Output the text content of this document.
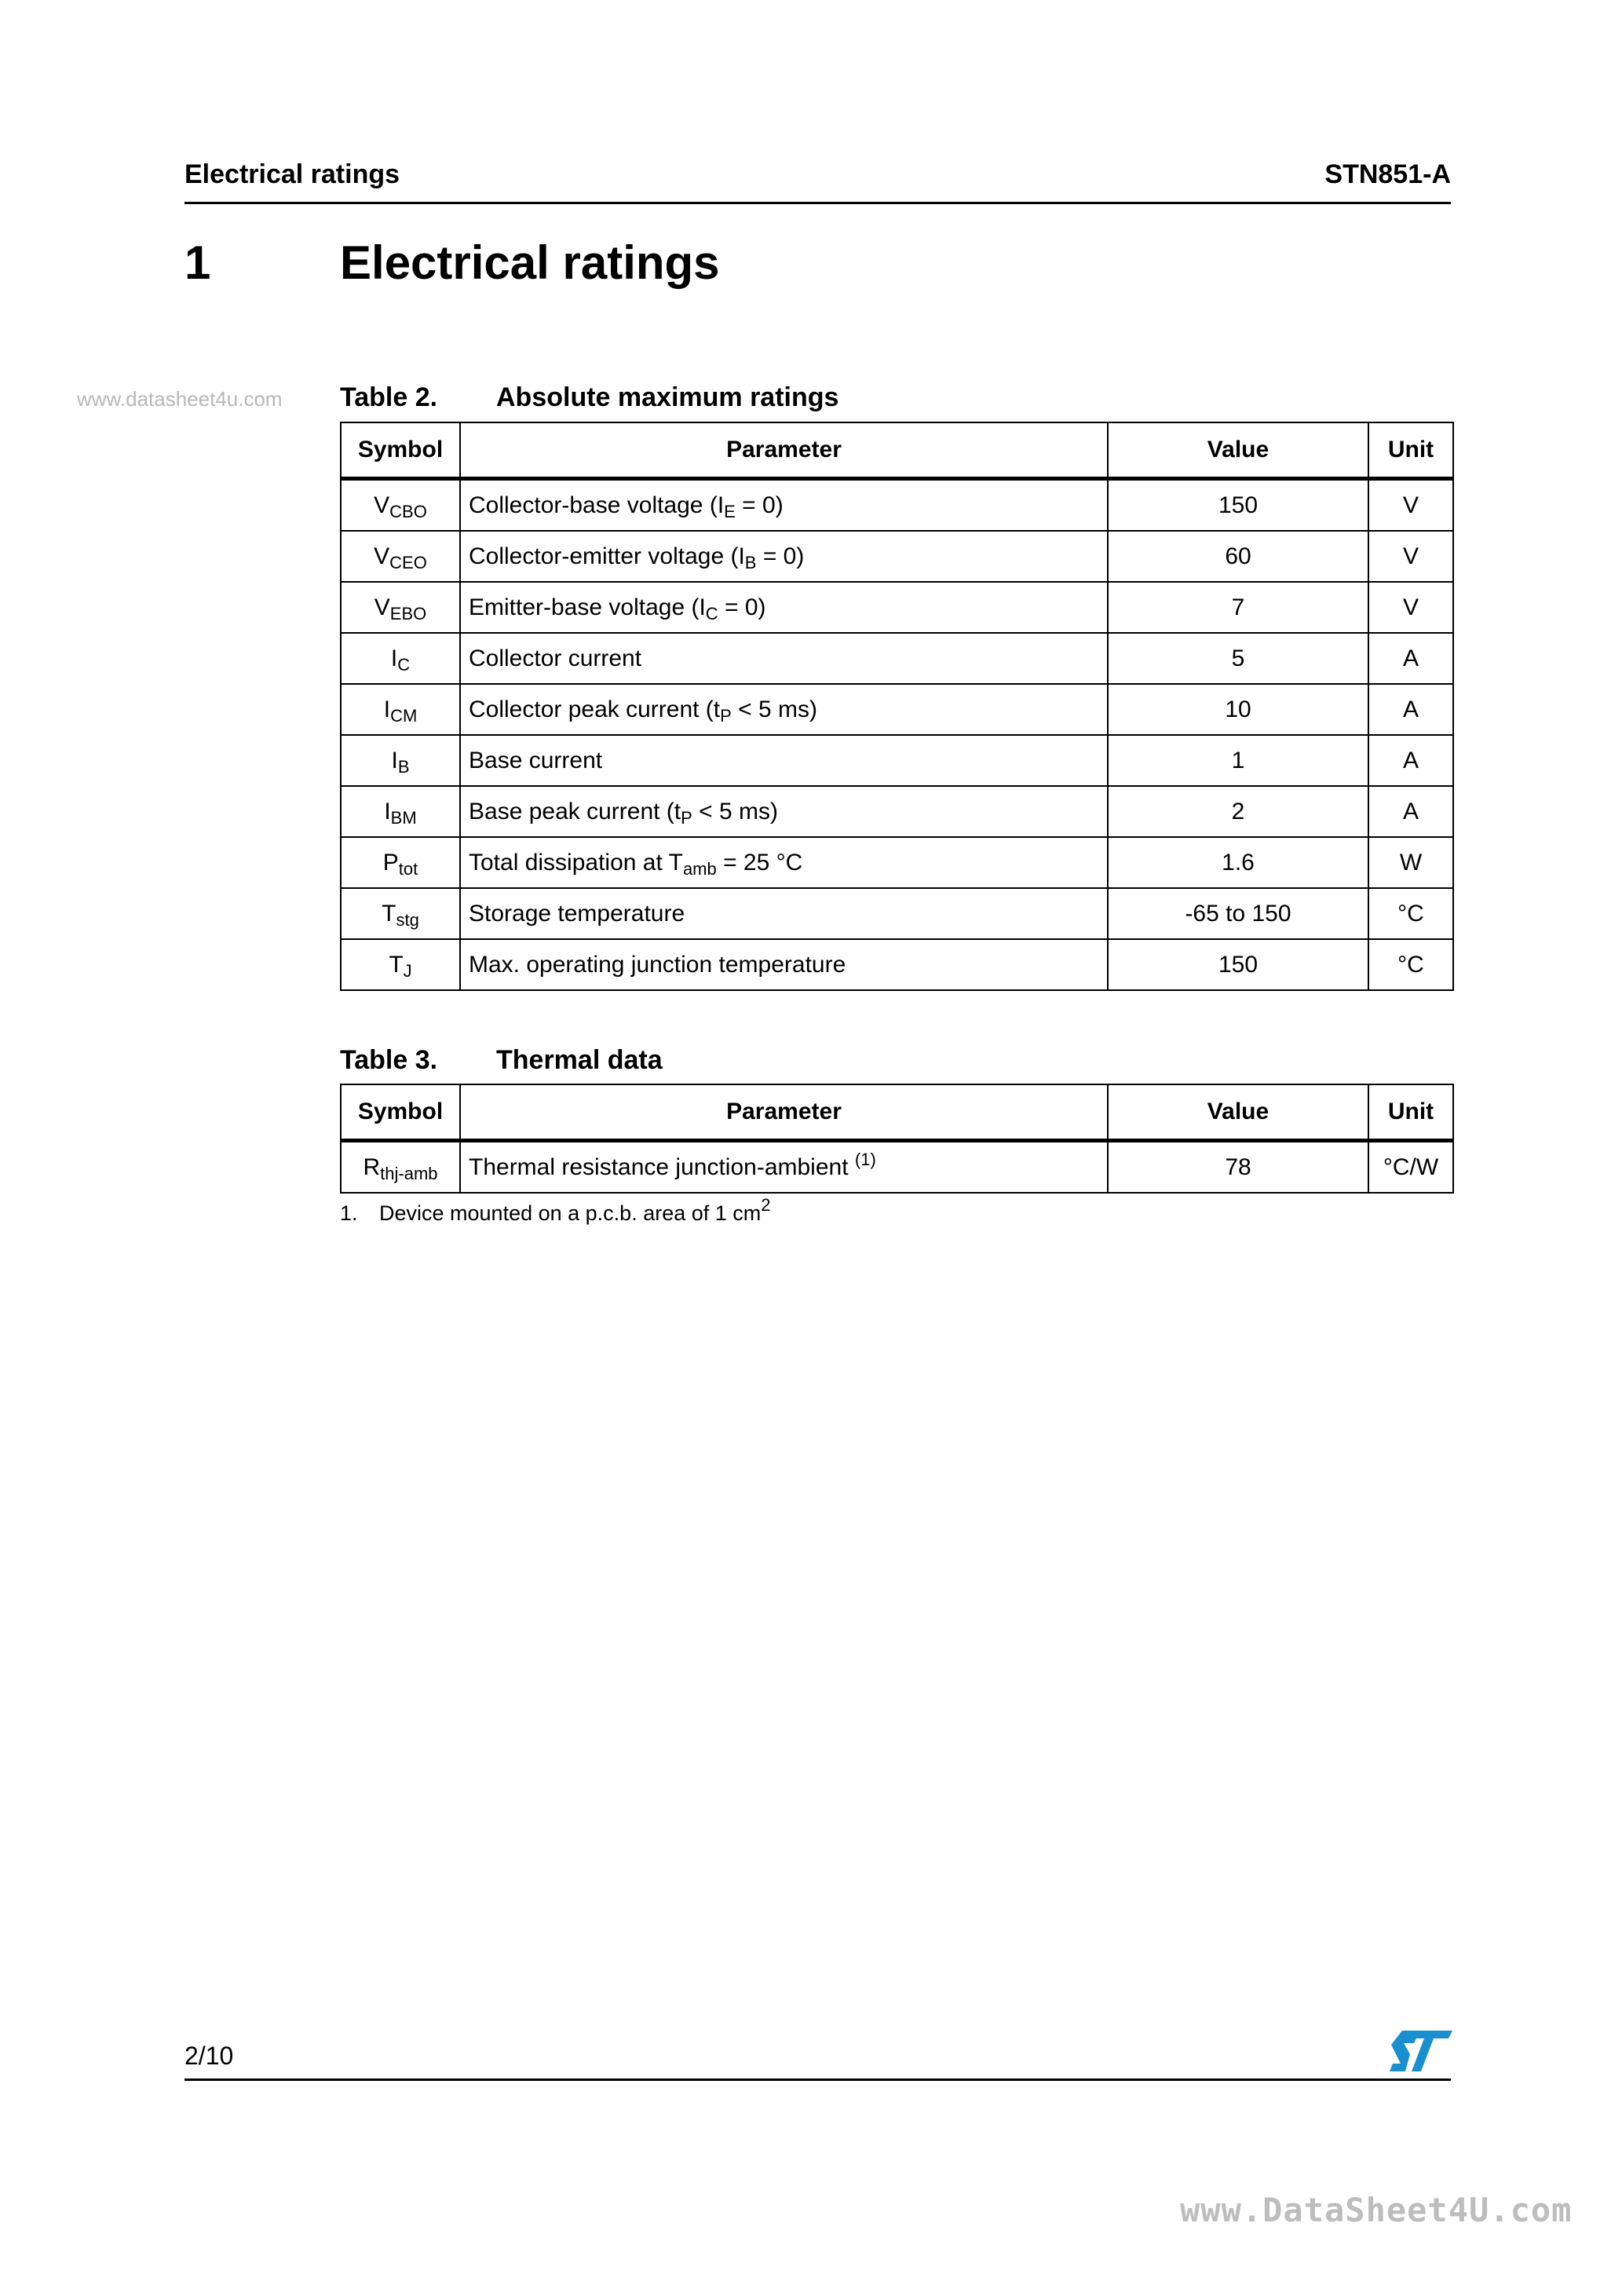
Electrical ratings	STN851-A
1	Electrical ratings
www.datasheet4u.com Table 2. Absolute maximum ratings
Symbol	Parameter	Value	Unit
$V_{CBO}$	Collector-base voltage $(I_E = 0)$	150	V
$V_{CEO}$	Collector-emitter voltage $(I_B = 0)$	60	V
$V_{EBO}$	Emitter-base voltage $(I_C = 0)$	7	V
$I_C$	Collector current	5	A
$I_{CM}$	Collector peak current ($t_P < 5$ ms)	10	A
$I_B$	Base current	1	A
$I_{BM}$	Base peak current ($t_P < 5$ ms)	2	A
$P_{tot}$	Total dissipation at $T_{amb} = 25$ °C	1.6	W
$T_{stg}$	Storage temperature	-65 to 150	°C
$T_J$	Max. operating junction temperature	150	°C
Table 3. Thermal data
Symbol	Parameter	Value	Unit
$R_{thj-amb}$	Thermal resistance junction-ambient $^{(1)}$	78	°C/W
1. Device mounted on a p.c.b. area of 1 $cm^2$
2/10
www.DataSheet4U.com
